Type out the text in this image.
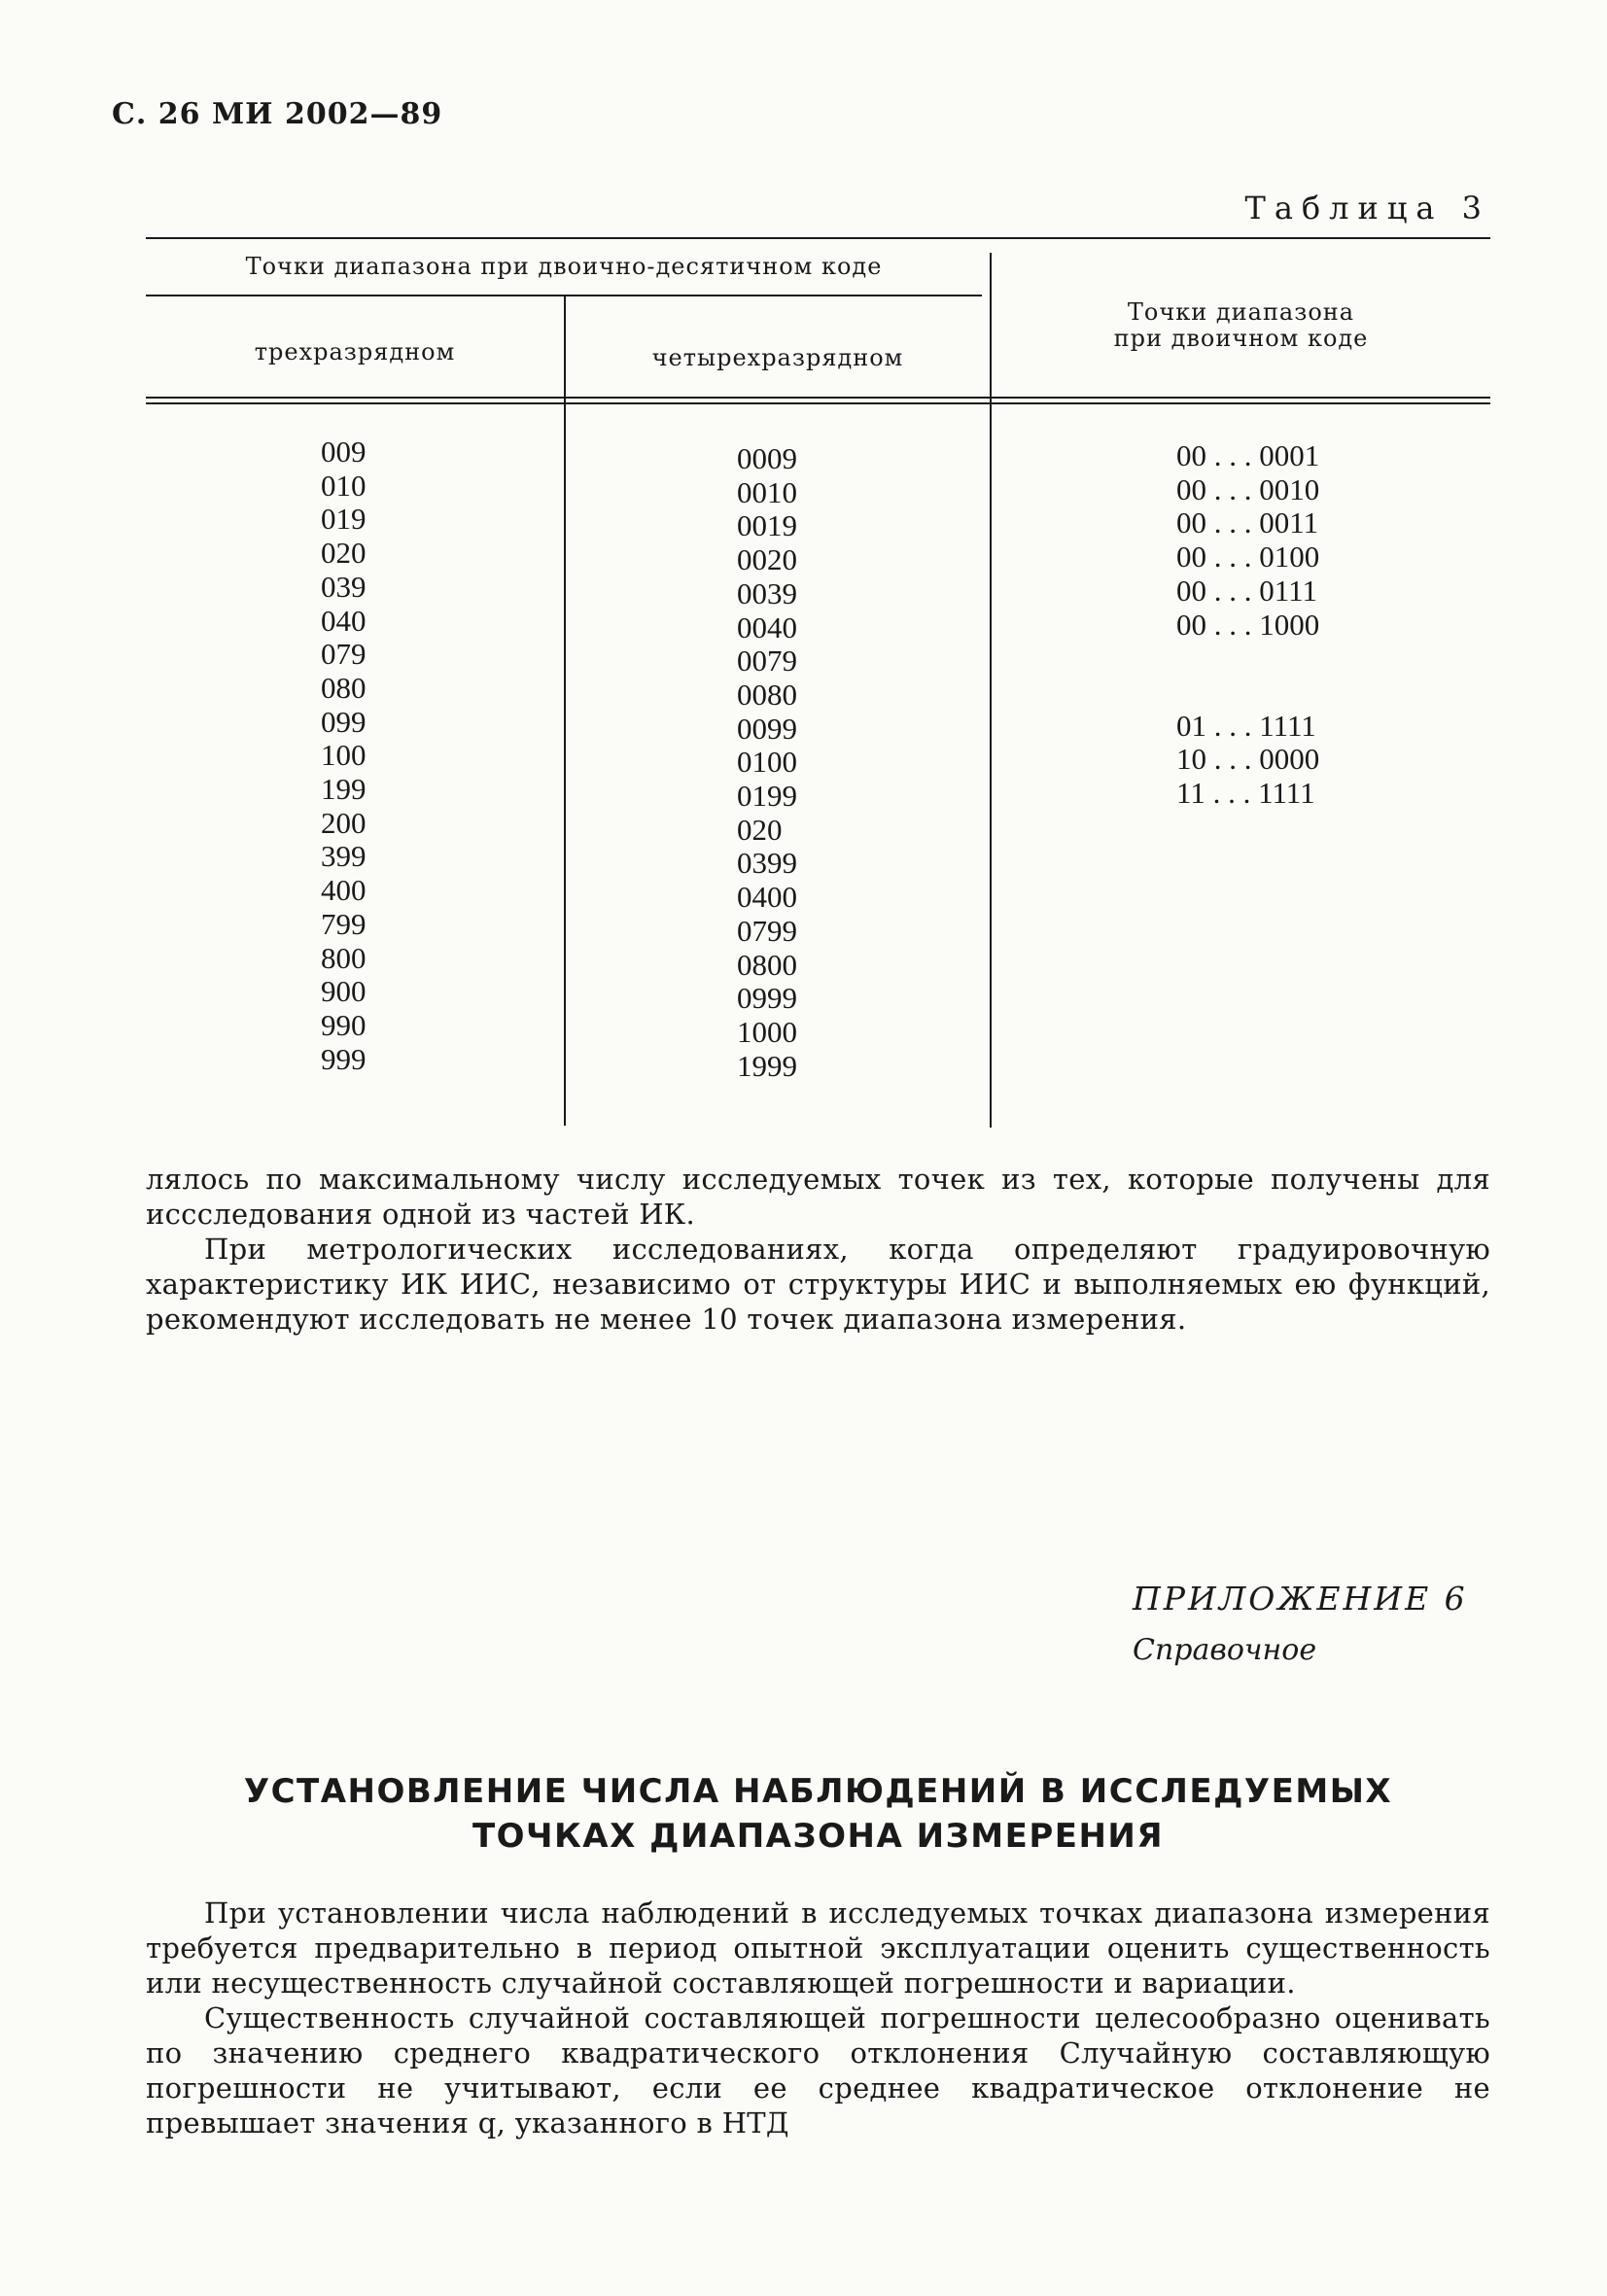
С. 26 МИ 2002—89
Таблица 3
Точки диапазона при двоично-десятичном коде
трехразрядном	четырехразрядном
Точки диапазона
при двоичном коде
009
010
019
020
039
040
079
080
099
100
199
200
399
400
799
800
900
990
999
0009
0010
0019
0020
0039
0040
0079
0080
0099
0100
0199
020
0399
0400
0799
0800
0999
1000
1999
00 . . . 0001
00 . . . 0010
00 . . . 0011
00 . . . 0100
00 . . . 0111
00 . . . 1000

01 . . . 1111
10 . . . 0000
11 . . . 1111

лялось по максимальному числу исследуемых точек из тех, которые получены для иссследования одной из частей ИК.

При метрологических исследованиях, когда определяют градуировочную характеристику ИК ИИС, независимо от структуры ИИС и выполняемых ею функций, рекомендуют исследовать не менее 10 точек диапазона измерения.

ПРИЛОЖЕНИЕ 6
Справочное
УСТАНОВЛЕНИЕ ЧИСЛА НАБЛЮДЕНИЙ В ИССЛЕДУЕМЫХ
ТОЧКАХ ДИАПАЗОНА ИЗМЕРЕНИЯ

При установлении числа наблюдений в исследуемых точках диапазона измерения требуется предварительно в период опытной эксплуатации оценить существенность или несущественность случайной составляющей погрешности и вариации.

Существенность случайной составляющей погрешности целесообразно оценивать по значению среднего квадратического отклонения Случайную составляющую погрешности не учитывают, если ее среднее квадратическое отклонение не превышает значения q, указанного в НТД
